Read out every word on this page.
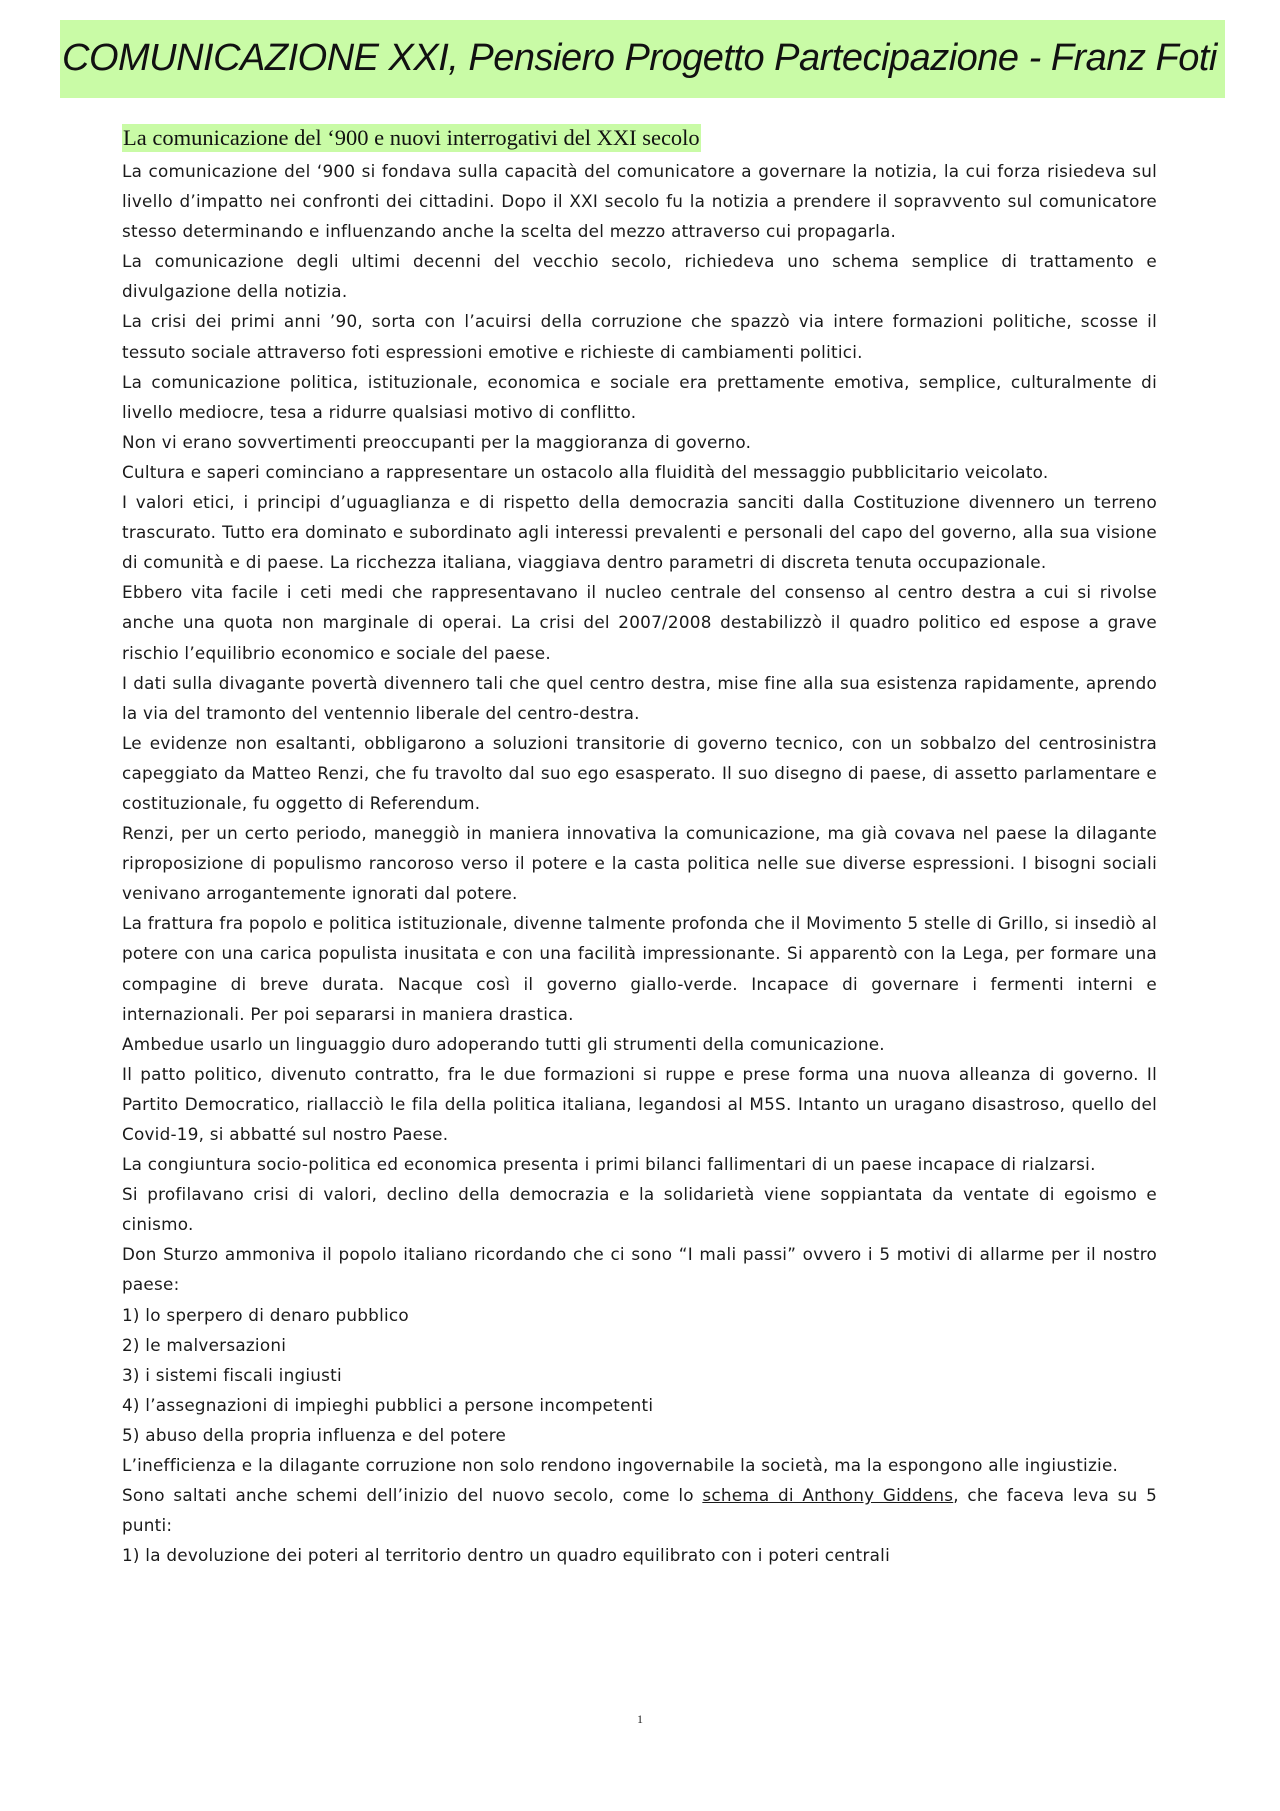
COMUNICAZIONE XXI, Pensiero Progetto Partecipazione - Franz Foti
La comunicazione del ‘900 e nuovi interrogativi del XXI secolo

La comunicazione del ‘900 si fondava sulla capacità del comunicatore a governare la notizia, la cui forza risiedeva sul livello d’impatto nei confronti dei cittadini. Dopo il XXI secolo fu la notizia a prendere il sopravvento sul comunicatore stesso determinando e influenzando anche la scelta del mezzo attraverso cui propagarla.

La comunicazione degli ultimi decenni del vecchio secolo, richiedeva uno schema semplice di trattamento e divulgazione della notizia.

La crisi dei primi anni ’90, sorta con l’acuirsi della corruzione che spazzò via intere formazioni politiche, scosse il tessuto sociale attraverso foti espressioni emotive e richieste di cambiamenti politici.

La comunicazione politica, istituzionale, economica e sociale era prettamente emotiva, semplice, culturalmente di livello mediocre, tesa a ridurre qualsiasi motivo di conflitto.

Non vi erano sovvertimenti preoccupanti per la maggioranza di governo.

Cultura e saperi cominciano a rappresentare un ostacolo alla fluidità del messaggio pubblicitario veicolato.

I valori etici, i principi d’uguaglianza e di rispetto della democrazia sanciti dalla Costituzione divennero un terreno trascurato. Tutto era dominato e subordinato agli interessi prevalenti e personali del capo del governo, alla sua visione di comunità e di paese. La ricchezza italiana, viaggiava dentro parametri di discreta tenuta occupazionale.

Ebbero vita facile i ceti medi che rappresentavano il nucleo centrale del consenso al centro destra a cui si rivolse anche una quota non marginale di operai. La crisi del 2007/2008 destabilizzò il quadro politico ed espose a grave rischio l’equilibrio economico e sociale del paese.

I dati sulla divagante povertà divennero tali che quel centro destra, mise fine alla sua esistenza rapidamente, aprendo la via del tramonto del ventennio liberale del centro-destra.

Le evidenze non esaltanti, obbligarono a soluzioni transitorie di governo tecnico, con un sobbalzo del centrosinistra capeggiato da Matteo Renzi, che fu travolto dal suo ego esasperato. Il suo disegno di paese, di assetto parlamentare e costituzionale, fu oggetto di Referendum.

Renzi, per un certo periodo, maneggiò in maniera innovativa la comunicazione, ma già covava nel paese la dilagante riproposizione di populismo rancoroso verso il potere e la casta politica nelle sue diverse espressioni. I bisogni sociali venivano arrogantemente ignorati dal potere.

La frattura fra popolo e politica istituzionale, divenne talmente profonda che il Movimento 5 stelle di Grillo, si insediò al potere con una carica populista inusitata e con una facilità impressionante. Si apparentò con la Lega, per formare una compagine di breve durata. Nacque così il governo giallo-verde. Incapace di governare i fermenti interni e internazionali. Per poi separarsi in maniera drastica.

Ambedue usarlo un linguaggio duro adoperando tutti gli strumenti della comunicazione.

Il patto politico, divenuto contratto, fra le due formazioni si ruppe e prese forma una nuova alleanza di governo. Il Partito Democratico, riallacciò le fila della politica italiana, legandosi al M5S. Intanto un uragano disastroso, quello del Covid-19, si abbatté sul nostro Paese.

La congiuntura socio-politica ed economica presenta i primi bilanci fallimentari di un paese incapace di rialzarsi.

Si profilavano crisi di valori, declino della democrazia e la solidarietà viene soppiantata da ventate di egoismo e cinismo.

Don Sturzo ammoniva il popolo italiano ricordando che ci sono “I mali passi” ovvero i 5 motivi di allarme per il nostro paese:

1) lo sperpero di denaro pubblico

2) le malversazioni

3) i sistemi fiscali ingiusti

4) l’assegnazioni di impieghi pubblici a persone incompetenti

5) abuso della propria influenza e del potere

L’inefficienza e la dilagante corruzione non solo rendono ingovernabile la società, ma la espongono alle ingiustizie.

Sono saltati anche schemi dell’inizio del nuovo secolo, come lo schema di Anthony Giddens, che faceva leva su 5 punti:

1) la devoluzione dei poteri al territorio dentro un quadro equilibrato con i poteri centrali

1
